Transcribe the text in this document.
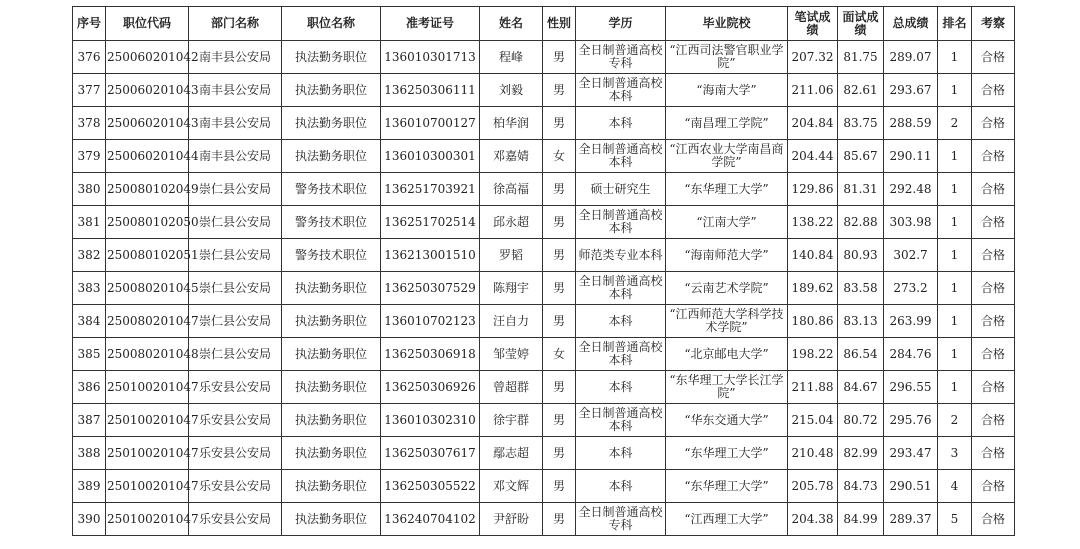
序号	职位代码	部门名称	职位名称	准考证号	姓名	性别	学历	毕业院校	笔试成绩	面试成绩	总成绩	排名	考察
376	250060201042	南丰县公安局	执法勤务职位	136010301713	程峰	男	全日制普通高校专科	“江西司法警官职业学院”	207.32	81.75	289.07	1	合格
377	250060201043	南丰县公安局	执法勤务职位	136250306111	刘毅	男	全日制普通高校本科	“海南大学”	211.06	82.61	293.67	1	合格
378	250060201043	南丰县公安局	执法勤务职位	136010700127	柏华润	男	本科	“南昌理工学院”	204.84	83.75	288.59	2	合格
379	250060201044	南丰县公安局	执法勤务职位	136010300301	邓嘉婧	女	全日制普通高校本科	“江西农业大学南昌商学院”	204.44	85.67	290.11	1	合格
380	250080102049	崇仁县公安局	警务技术职位	136251703921	徐高福	男	硕士研究生	“东华理工大学”	129.86	81.31	292.48	1	合格
381	250080102050	崇仁县公安局	警务技术职位	136251702514	邱永超	男	全日制普通高校本科	“江南大学”	138.22	82.88	303.98	1	合格
382	250080102051	崇仁县公安局	警务技术职位	136213001510	罗韬	男	师范类专业本科	“海南师范大学”	140.84	80.93	302.7	1	合格
383	250080201045	崇仁县公安局	执法勤务职位	136250307529	陈翔宇	男	全日制普通高校本科	“云南艺术学院”	189.62	83.58	273.2	1	合格
384	250080201047	崇仁县公安局	执法勤务职位	136010702123	汪自力	男	本科	“江西师范大学科学技术学院”	180.86	83.13	263.99	1	合格
385	250080201048	崇仁县公安局	执法勤务职位	136250306918	邹莹婷	女	全日制普通高校本科	“北京邮电大学”	198.22	86.54	284.76	1	合格
386	250100201047	乐安县公安局	执法勤务职位	136250306926	曾超群	男	本科	“东华理工大学长江学院”	211.88	84.67	296.55	1	合格
387	250100201047	乐安县公安局	执法勤务职位	136010302310	徐宇群	男	全日制普通高校本科	“华东交通大学”	215.04	80.72	295.76	2	合格
388	250100201047	乐安县公安局	执法勤务职位	136250307617	鄢志超	男	本科	“东华理工大学”	210.48	82.99	293.47	3	合格
389	250100201047	乐安县公安局	执法勤务职位	136250305522	邓文辉	男	本科	“东华理工大学”	205.78	84.73	290.51	4	合格
390	250100201047	乐安县公安局	执法勤务职位	136240704102	尹舒盼	男	全日制普通高校专科	“江西理工大学”	204.38	84.99	289.37	5	合格
